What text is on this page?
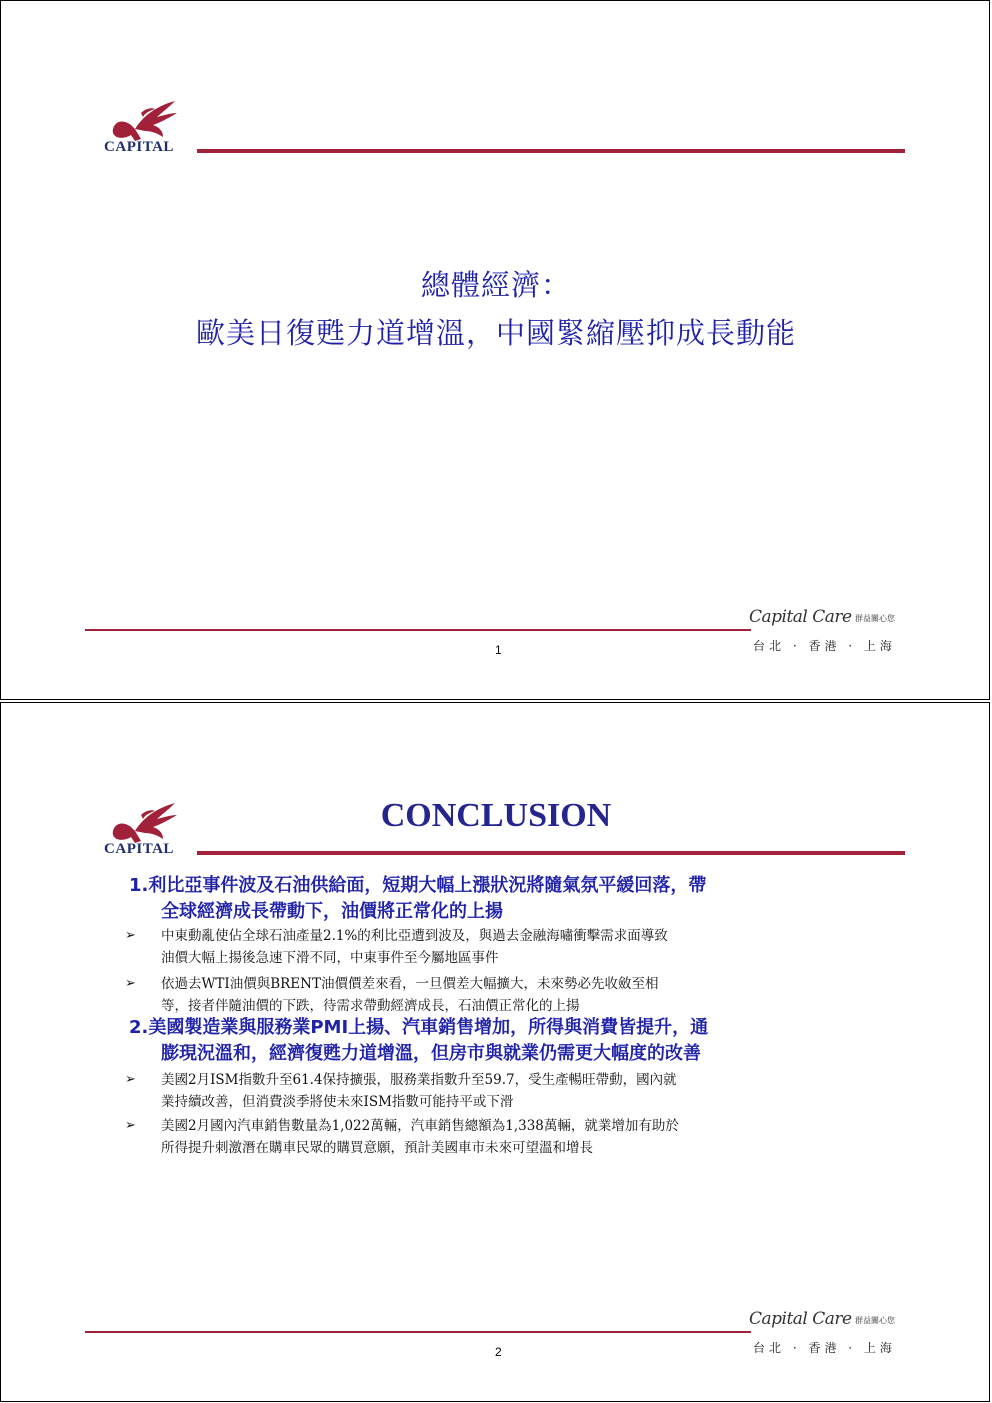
CAPITAL
總體經濟：
歐美日復甦力道增溫，中國緊縮壓抑成長動能
Capital Care 群益關心您
台北 · 香港 · 上海
1
CAPITAL
CONCLUSION
1.利比亞事件波及石油供給面，短期大幅上漲狀況將隨氣氛平緩回落，帶
全球經濟成長帶動下，油價將正常化的上揚
➢	中東動亂使佔全球石油產量2.1%的利比亞遭到波及，與過去金融海嘯衝擊需求面導致
油價大幅上揚後急速下滑不同，中東事件至今屬地區事件
➢	依過去WTI油價與BRENT油價價差來看，一旦價差大幅擴大，未來勢必先收斂至相
等，接者伴隨油價的下跌，待需求帶動經濟成長，石油價正常化的上揚
2.美國製造業與服務業PMI上揚、汽車銷售增加，所得與消費皆提升，通
膨現況溫和，經濟復甦力道增溫，但房市與就業仍需更大幅度的改善
➢	美國2月ISM指數升至61.4保持擴張，服務業指數升至59.7，受生產暢旺帶動，國內就
業持續改善，但消費淡季將使未來ISM指數可能持平或下滑
➢	美國2月國內汽車銷售數量為1,022萬輛，汽車銷售總額為1,338萬輛，就業增加有助於
所得提升刺激潛在購車民眾的購買意願，預計美國車市未來可望溫和增長
Capital Care 群益關心您
台北 · 香港 · 上海
2
